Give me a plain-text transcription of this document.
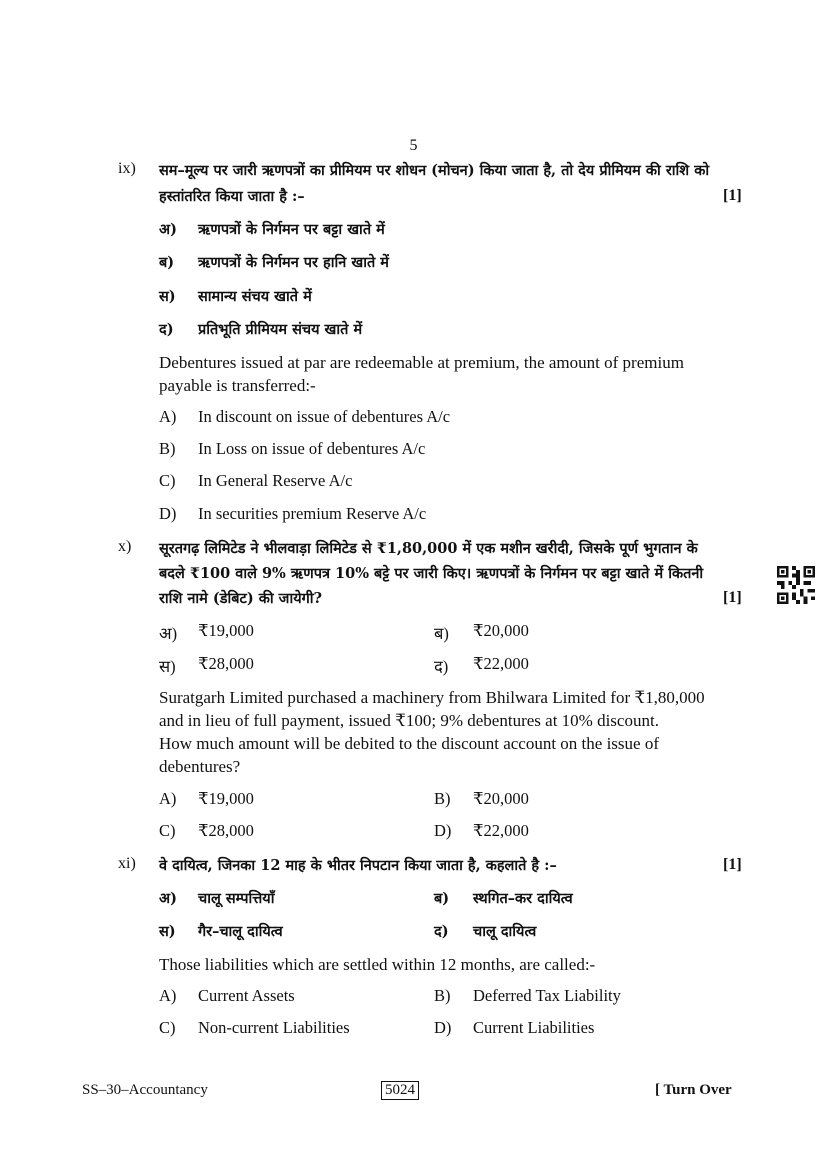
5
ix) सम–मूल्य पर जारी ऋणपत्रों का प्रीमियम पर शोधन (मोचन) किया जाता है, तो देय प्रीमियम की राशि को
हस्तांतरित किया जाता है :–	[1]
अ) ऋणपत्रों के निर्गमन पर बट्टा खाते में
ब) ऋणपत्रों के निर्गमन पर हानि खाते में
स) सामान्य संचय खाते में
द) प्रतिभूति प्रीमियम संचय खाते में
Debentures issued at par are redeemable at premium, the amount of premium
payable is transferred:-
A) In discount on issue of debentures A/c
B) In Loss on issue of debentures A/c
C) In General Reserve A/c
D) In securities premium Reserve A/c
x) सूरतगढ़ लिमिटेड ने भीलवाड़ा लिमिटेड से ₹1,80,000 में एक मशीन खरीदी, जिसके पूर्ण भुगतान के
बदले ₹100 वाले 9% ऋणपत्र 10% बट्टे पर जारी किए। ऋणपत्रों के निर्गमन पर बट्टा खाते में कितनी
राशि नामे (डेबिट) की जायेगी?	[1]
अ) ₹19,000	ब) ₹20,000
स) ₹28,000	द) ₹22,000
Suratgarh Limited purchased a machinery from Bhilwara Limited for ₹1,80,000
and in lieu of full payment, issued ₹100; 9% debentures at 10% discount.
How much amount will be debited to the discount account on the issue of
debentures?
A) ₹19,000	B) ₹20,000
C) ₹28,000	D) ₹22,000
xi) वे दायित्व, जिनका 12 माह के भीतर निपटान किया जाता है, कहलाते है :–	[1]
अ) चालू सम्पत्तियाँ	ब) स्थगित–कर दायित्व
स) गैर–चालू दायित्व	द) चालू दायित्व
Those liabilities which are settled within 12 months, are called:-
A) Current Assets	B) Deferred Tax Liability
C) Non-current Liabilities	D) Current Liabilities
SS–30–Accountancy	5024	[ Turn Over
